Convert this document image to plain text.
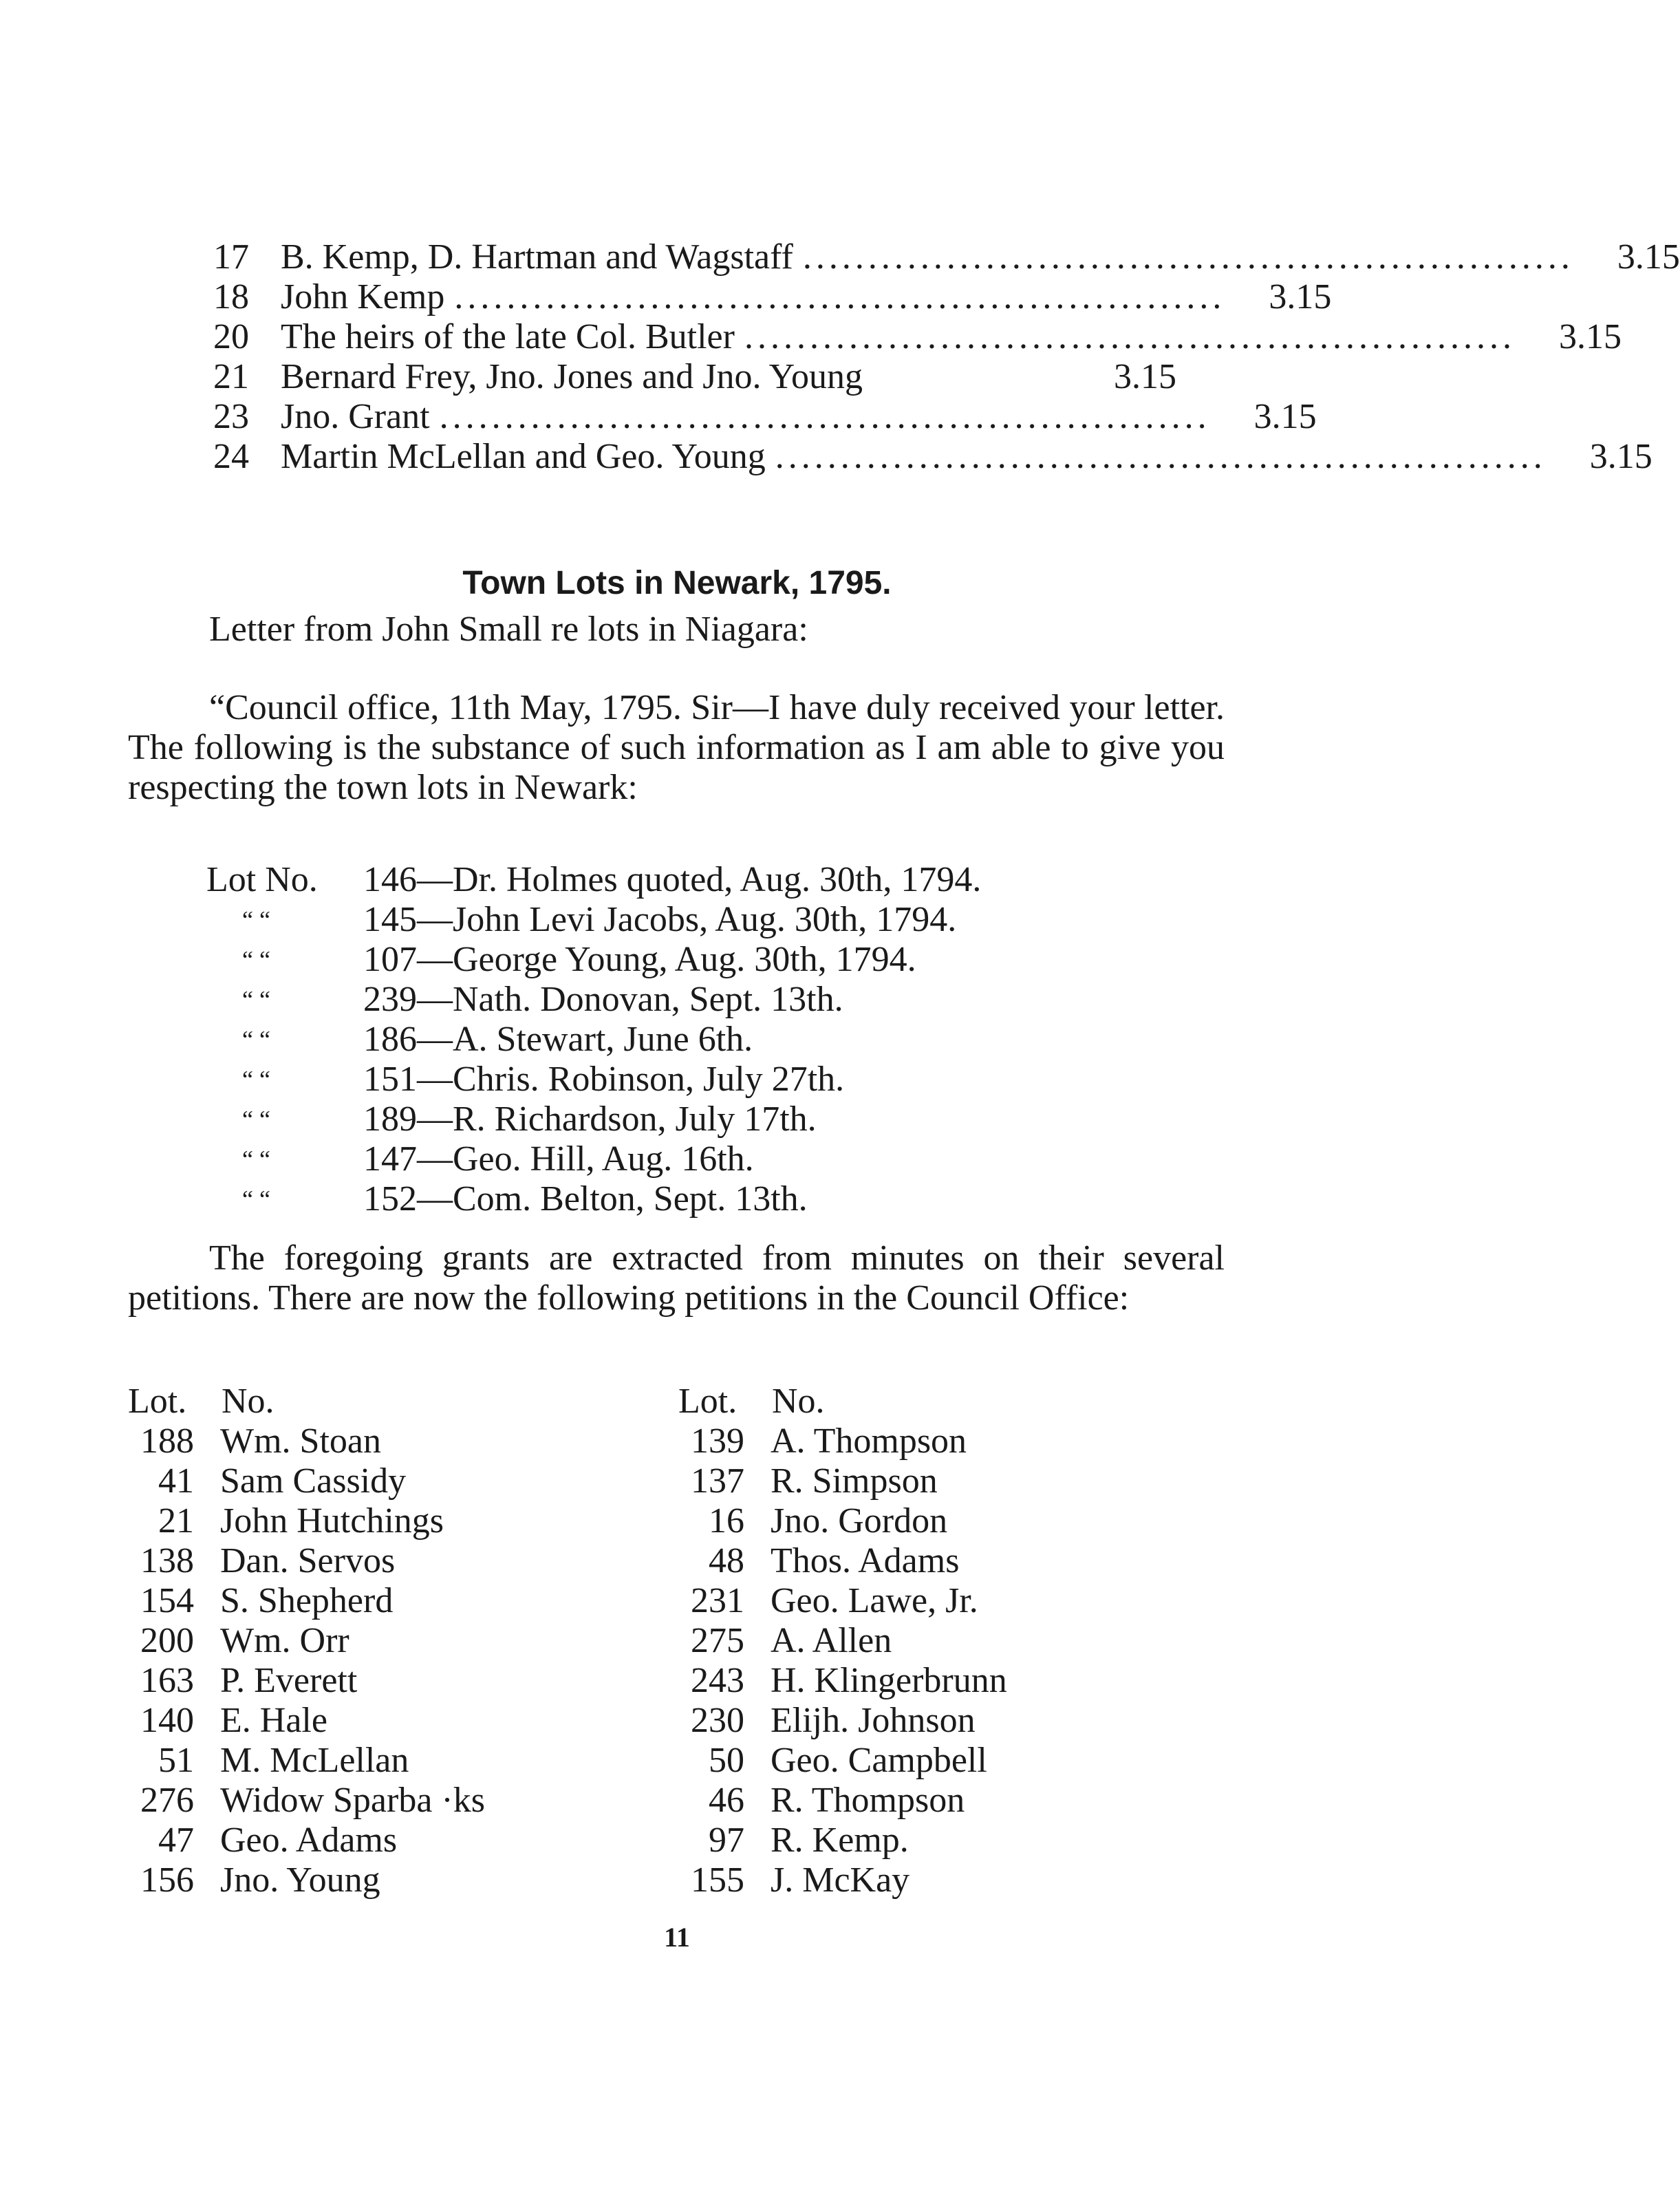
17 B. Kemp, D. Hartman and Wagstaff ...........................................................	3.15
18 John Kemp ...........................................................	3.15
20 The heirs of the late Col. Butler ...........................................................	3.15
21 Bernard Frey, Jno. Jones and Jno. Young	3.15
23 Jno. Grant ...........................................................	3.15
24 Martin McLellan and Geo. Young ...........................................................	3.15
Town Lots in Newark, 1795.

Letter from John Small re lots in Niagara:

“Council office, 11th May, 1795. Sir—I have duly received your letter. The following is the substance of such information as I am able to give you respecting the town lots in Newark:

Lot No.	146—Dr. Holmes quoted, Aug. 30th, 1794.
“ “	145—John Levi Jacobs, Aug. 30th, 1794.
“ “	107—George Young, Aug. 30th, 1794.
“ “	239—Nath. Donovan, Sept. 13th.
“ “	186—A. Stewart, June 6th.
“ “	151—Chris. Robinson, July 27th.
“ “	189—R. Richardson, July 17th.
“ “	147—Geo. Hill, Aug. 16th.
“ “	152—Com. Belton, Sept. 13th.

The foregoing grants are extracted from minutes on their several petitions. There are now the following petitions in the Council Office:

Lot. No.
188 Wm. Stoan
41 Sam Cassidy
21 John Hutchings
138 Dan. Servos
154 S. Shepherd
200 Wm. Orr
163 P. Everett
140 E. Hale
51 M. McLellan
276 Widow Sparba ·ks
47 Geo. Adams
156 Jno. Young
Lot. No.
139 A. Thompson
137 R. Simpson
16 Jno. Gordon
48 Thos. Adams
231 Geo. Lawe, Jr.
275 A. Allen
243 H. Klingerbrunn
230 Elijh. Johnson
50 Geo. Campbell
46 R. Thompson
97 R. Kemp.
155 J. McKay
11
